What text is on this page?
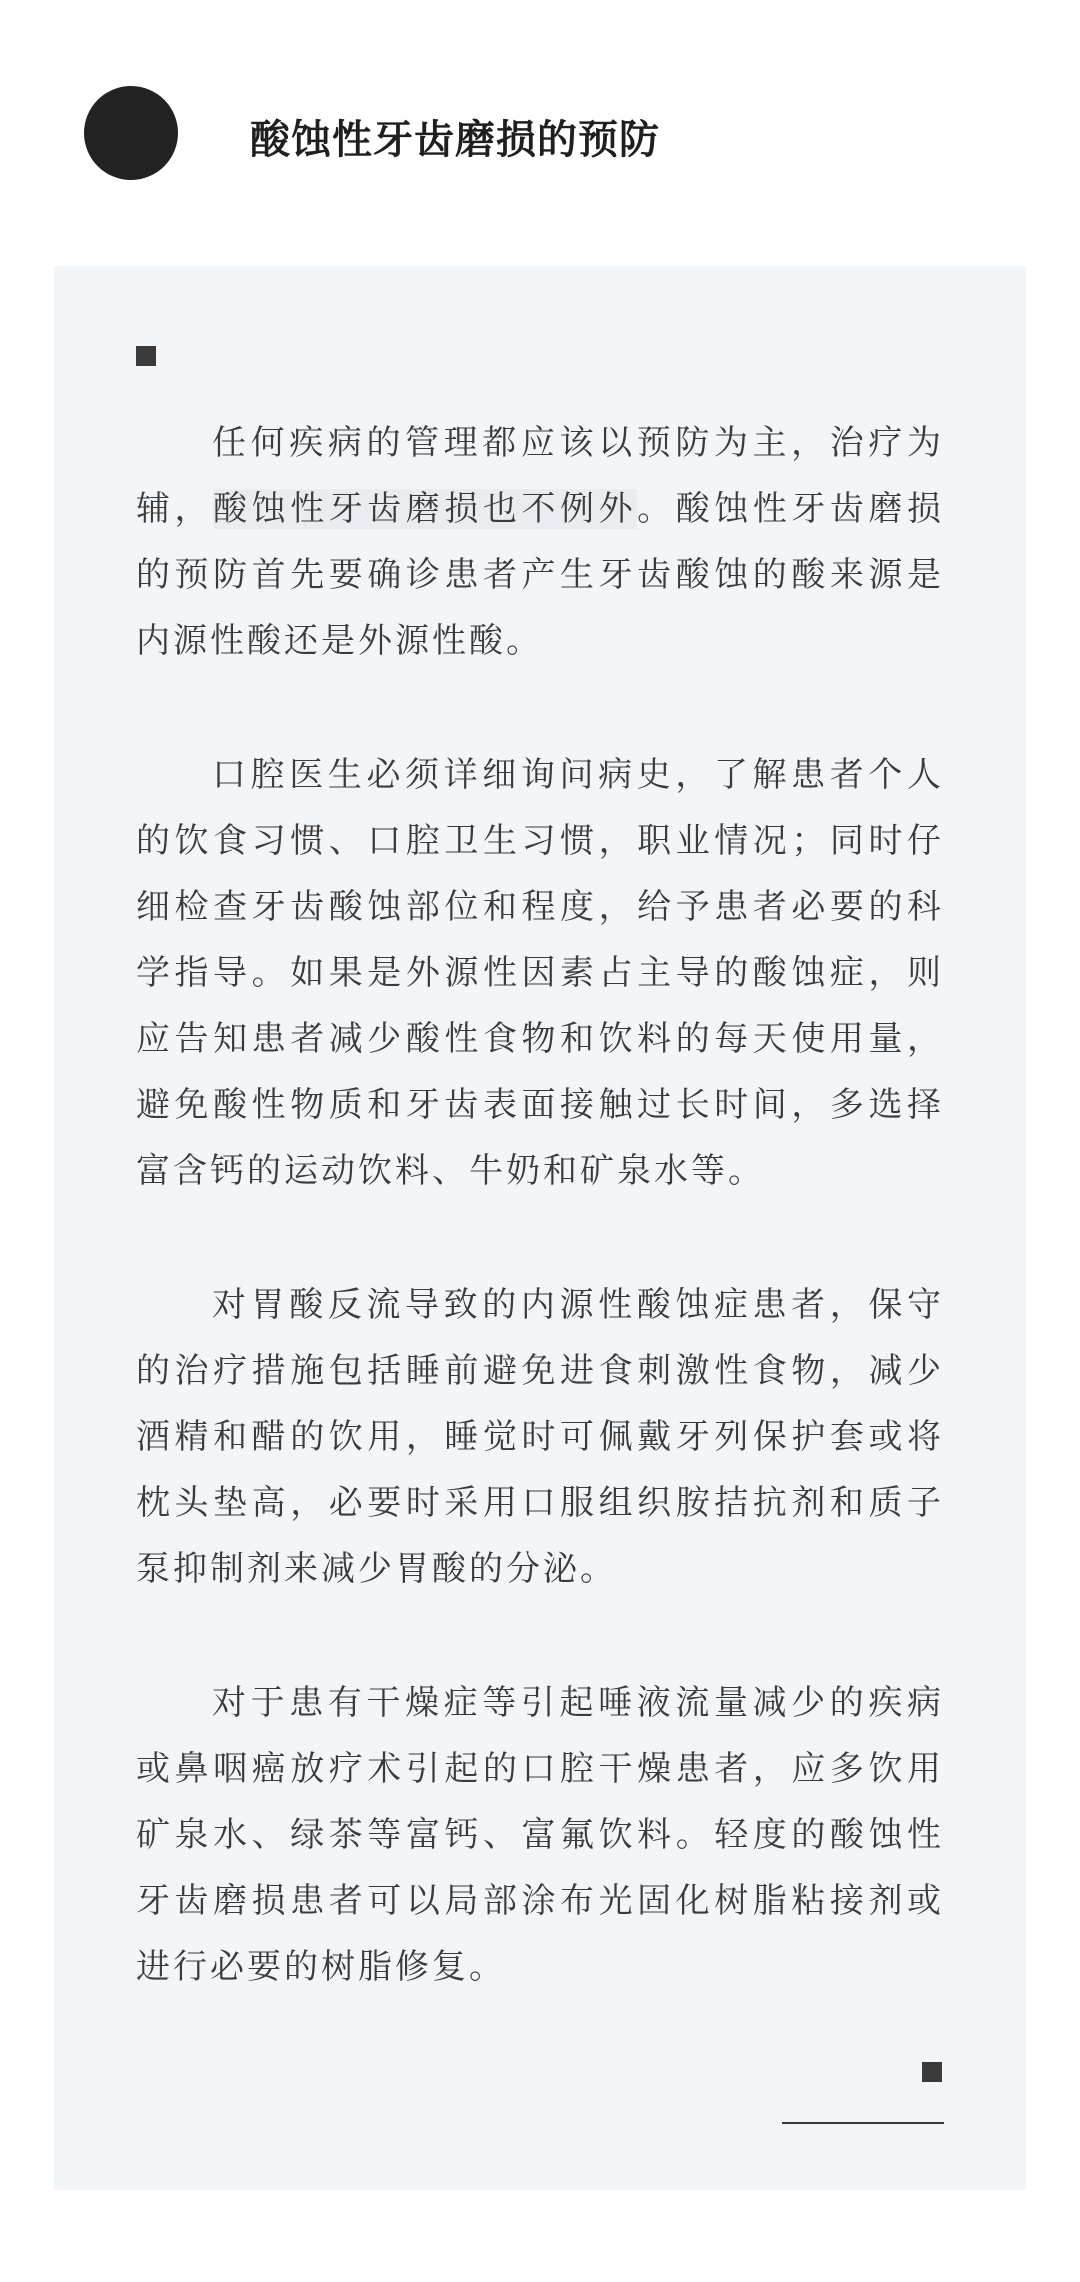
酸蚀性牙齿磨损的预防

任何疾病的管理都应该以预防为主，治疗为辅，酸蚀性牙齿磨损也不例外。酸蚀性牙齿磨损的预防首先要确诊患者产生牙齿酸蚀的酸来源是内源性酸还是外源性酸。

口腔医生必须详细询问病史，了解患者个人的饮食习惯、口腔卫生习惯，职业情况；同时仔细检查牙齿酸蚀部位和程度，给予患者必要的科学指导。如果是外源性因素占主导的酸蚀症，则应告知患者减少酸性食物和饮料的每天使用量，避免酸性物质和牙齿表面接触过长时间，多选择富含钙的运动饮料、牛奶和矿泉水等。

对胃酸反流导致的内源性酸蚀症患者，保守的治疗措施包括睡前避免进食刺激性食物，减少酒精和醋的饮用，睡觉时可佩戴牙列保护套或将枕头垫高，必要时采用口服组织胺拮抗剂和质子泵抑制剂来减少胃酸的分泌。

对于患有干燥症等引起唾液流量减少的疾病或鼻咽癌放疗术引起的口腔干燥患者，应多饮用矿泉水、绿茶等富钙、富氟饮料。轻度的酸蚀性牙齿磨损患者可以局部涂布光固化树脂粘接剂或进行必要的树脂修复。
